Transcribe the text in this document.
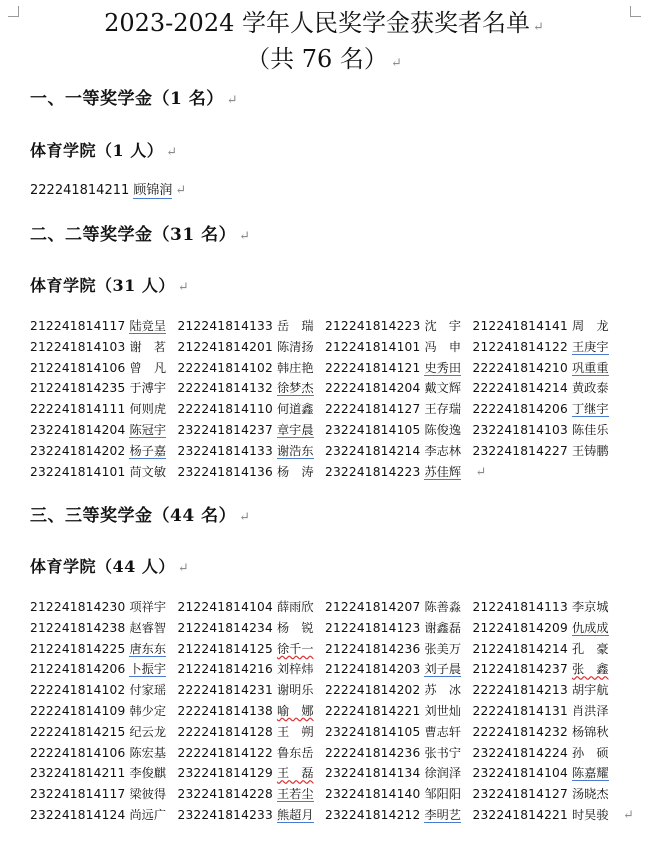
2023-2024 学年人民奖学金获奖者名单 ↵
（共 76 名） ↵
一、一等奖学金（1 名） ↵
体育学院（1 人） ↵
222241814211 顾锦润 ↵
二、二等奖学金（31 名） ↵
体育学院（31 人） ↵
212241814117 陆竞呈 212241814133 岳　瑞 212241814223 沈　宇 212241814141 周　龙
212241814103 谢　茗 212241814201 陈清扬 212241814101 冯　申 212241814122 王庚宇
212241814106 曾　凡 222241814102 韩庄艳 222241814121 史秀田 222241814210 巩重重
212241814235 于溥宇 222241814132 徐梦杰 222241814204 戴文辉 222241814214 黄政泰
222241814111 何则虎 222241814110 何道鑫 222241814127 王存瑞 222241814206 丁继宇
232241814204 陈冠宇 232241814237 章宇晨 232241814105 陈俊逸 232241814103 陈佳乐
232241814202 杨子嘉 232241814133 谢浩东 232241814214 李志林 232241814227 王铸鹏
232241814101 苘文敏 232241814136 杨　涛 232241814223 苏佳辉 ↵
三、三等奖学金（44 名） ↵
体育学院（44 人） ↵
212241814230 项祥宇 212241814104 薛雨欣 212241814207 陈善淼 212241814113 李京城
212241814238 赵睿智 212241814234 杨　锐 212241814123 谢鑫磊 212241814209 仇成成
212241814225 唐东东 212241814125 徐千一 212241814236 张美万 212241814214 孔　豪
212241814206 卜振宇 212241814216 刘梓炜 212241814203 刘子晨 212241814237 张　鑫
222241814102 付家瑶 222241814231 谢明乐 222241814202 苏　冰 222241814213 胡宇航
222241814109 韩少定 222241814138 喻　娜 222241814221 刘世灿 222241814131 肖洪泽
222241814215 纪云龙 222241814128 王　朔 232241814105 曹志轩 222241814232 杨锦秋
222241814106 陈宏基 222241814122 鲁东岳 222241814236 张书宁 232241814224 孙　硕
232241814211 李俊麒 232241814129 王　磊 232241814134 徐润泽 232241814104 陈嘉耀
232241814117 梁彼得 232241814228 王若尘 232241814140 邹阳阳 232241814127 汤晓杰
232241814124 尚远广 232241814233 熊超月 232241814212 李明艺 232241814221 时昊骏 ↵
